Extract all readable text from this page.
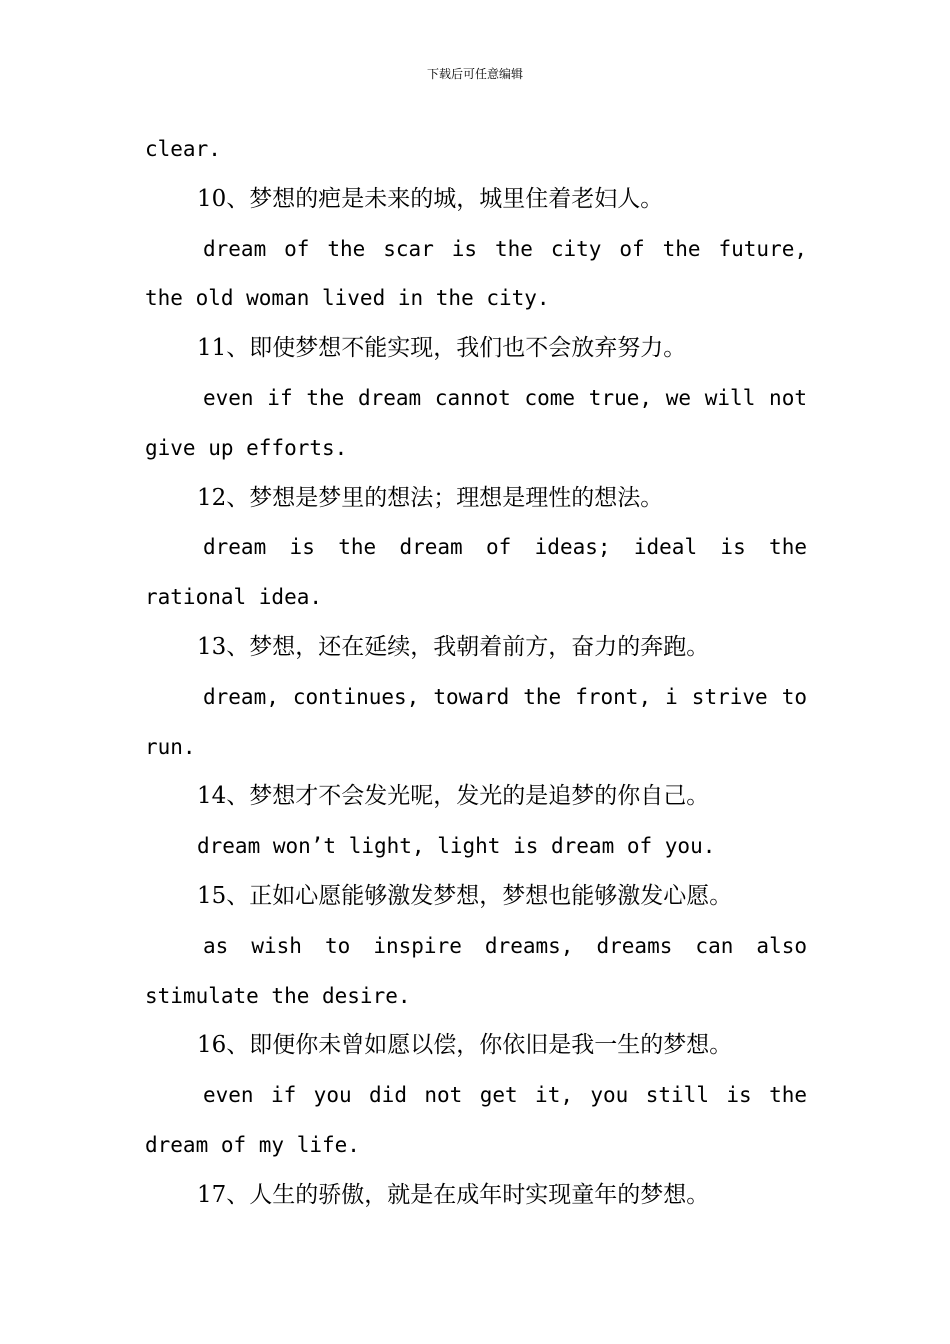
下载后可任意编辑
clear.
10、梦想的疤是未来的城，城里住着老妇人。
dream of the scar is the city of the future,
the old woman lived in the city.
11、即使梦想不能实现，我们也不会放弃努力。
even if the dream cannot come true, we will not
give up efforts.
12、梦想是梦里的想法；理想是理性的想法。
dream is the dream of ideas; ideal is the
rational idea.
13、梦想，还在延续，我朝着前方，奋力的奔跑。
dream, continues, toward the front, i strive to
run.
14、梦想才不会发光呢，发光的是追梦的你自己。
dream won’t light, light is dream of you.
15、正如心愿能够激发梦想，梦想也能够激发心愿。
as wish to inspire dreams, dreams can also
stimulate the desire.
16、即便你未曾如愿以偿，你依旧是我一生的梦想。
even if you did not get it, you still is the
dream of my life.
17、人生的骄傲，就是在成年时实现童年的梦想。
